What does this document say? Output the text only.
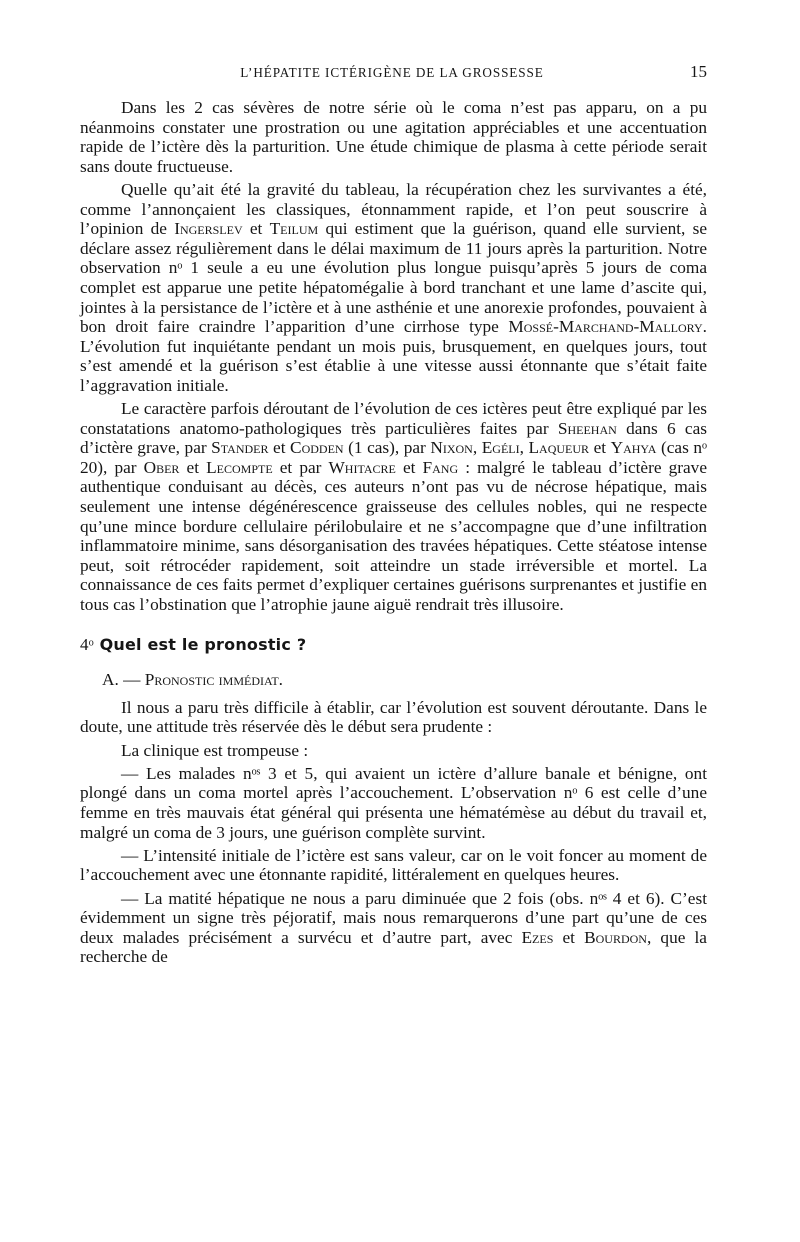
L’HÉPATITE ICTÉRIGÈNE DE LA GROSSESSE	15

Dans les 2 cas sévères de notre série où le coma n’est pas apparu, on a pu néanmoins constater une prostration ou une agitation appréciables et une accentuation rapide de l’ictère dès la parturition. Une étude chimique de plasma à cette période serait sans doute fructueuse.

Quelle qu’ait été la gravité du tableau, la récupération chez les survivantes a été, comme l’annonçaient les classiques, étonnamment rapide, et l’on peut souscrire à l’opinion de Ingerslev et Teilum qui estiment que la guérison, quand elle survient, se déclare assez régulièrement dans le délai maximum de 11 jours après la parturition. Notre observation nᵒ 1 seule a eu une évolution plus longue puisqu’après 5 jours de coma complet est apparue une petite hépatomégalie à bord tranchant et une lame d’ascite qui, jointes à la persistance de l’ictère et à une asthénie et une anorexie profondes, pouvaient à bon droit faire craindre l’apparition d’une cirrhose type Mossé-Marchand-Mallory. L’évolution fut inquiétante pendant un mois puis, brusquement, en quelques jours, tout s’est amendé et la guérison s’est établie à une vitesse aussi étonnante que s’était faite l’aggravation initiale.

Le caractère parfois déroutant de l’évolution de ces ictères peut être expliqué par les constatations anatomo-pathologiques très particulières faites par Sheehan dans 6 cas d’ictère grave, par Stander et Codden (1 cas), par Nixon, Egéli, Laqueur et Yahya (cas nᵒ 20), par Ober et Lecompte et par Whitacre et Fang : malgré le tableau d’ictère grave authentique conduisant au décès, ces auteurs n’ont pas vu de nécrose hépatique, mais seulement une intense dégénérescence graisseuse des cellules nobles, qui ne respecte qu’une mince bordure cellulaire périlobulaire et ne s’accompagne que d’une infiltration inflammatoire minime, sans désorganisation des travées hépatiques. Cette stéatose intense peut, soit rétrocéder rapidement, soit atteindre un stade irréversible et mortel. La connaissance de ces faits permet d’expliquer certaines guérisons surprenantes et justifie en tous cas l’obstination que l’atrophie jaune aiguë rendrait très illusoire.

4ᵒ Quel est le pronostic ?

A. — Pronostic immédiat.

Il nous a paru très difficile à établir, car l’évolution est souvent déroutante. Dans le doute, une attitude très réservée dès le début sera prudente :

La clinique est trompeuse :

— Les malades nᵒˢ 3 et 5, qui avaient un ictère d’allure banale et bénigne, ont plongé dans un coma mortel après l’accouchement. L’observation nᵒ 6 est celle d’une femme en très mauvais état général qui présenta une hématémèse au début du travail et, malgré un coma de 3 jours, une guérison complète survint.

— L’intensité initiale de l’ictère est sans valeur, car on le voit foncer au moment de l’accouchement avec une étonnante rapidité, littéralement en quelques heures.

— La matité hépatique ne nous a paru diminuée que 2 fois (obs. nᵒˢ 4 et 6). C’est évidemment un signe très péjoratif, mais nous remarquerons d’une part qu’une de ces deux malades précisément a survécu et d’autre part, avec Ezes et Bourdon, que la recherche de
